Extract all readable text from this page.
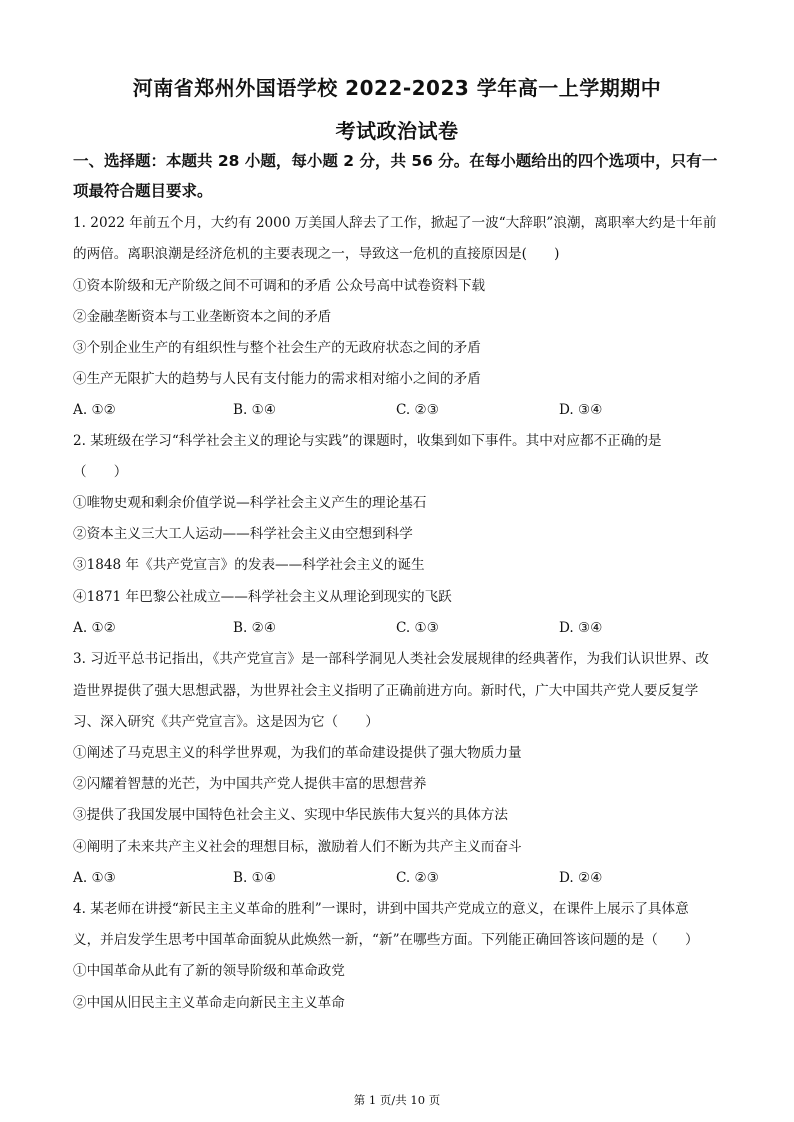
河南省郑州外国语学校 2022-2023 学年高一上学期期中
考试政治试卷
一、选择题：本题共 28 小题，每小题 2 分，共 56 分。在每小题给出的四个选项中，只有一
项最符合题目要求。
1. 2022 年前五个月，大约有 2000 万美国人辞去了工作，掀起了一波“大辞职”浪潮，离职率大约是十年前
的两倍。离职浪潮是经济危机的主要表现之一，导致这一危机的直接原因是(　　)
①资本阶级和无产阶级之间不可调和的矛盾 公众号高中试卷资料下载
②金融垄断资本与工业垄断资本之间的矛盾
③个别企业生产的有组织性与整个社会生产的无政府状态之间的矛盾
④生产无限扩大的趋势与人民有支付能力的需求相对缩小之间的矛盾
A. ①②	B. ①④	C. ②③	D. ③④
2. 某班级在学习“科学社会主义的理论与实践”的课题时，收集到如下事件。其中对应都不正确的是
（　　）
①唯物史观和剩余价值学说—科学社会主义产生的理论基石
②资本主义三大工人运动——科学社会主义由空想到科学
③1848 年《共产党宣言》的发表——科学社会主义的诞生
④1871 年巴黎公社成立——科学社会主义从理论到现实的飞跃
A. ①②	B. ②④	C. ①③	D. ③④
3. 习近平总书记指出，《共产党宣言》是一部科学洞见人类社会发展规律的经典著作，为我们认识世界、改
造世界提供了强大思想武器，为世界社会主义指明了正确前进方向。新时代，广大中国共产党人要反复学
习、深入研究《共产党宣言》。这是因为它（　　）
①阐述了马克思主义的科学世界观，为我们的革命建设提供了强大物质力量
②闪耀着智慧的光芒，为中国共产党人提供丰富的思想营养
③提供了我国发展中国特色社会主义、实现中华民族伟大复兴的具体方法
④阐明了未来共产主义社会的理想目标，激励着人们不断为共产主义而奋斗
A. ①③	B. ①④	C. ②③	D. ②④
4. 某老师在讲授“新民主主义革命的胜利”一课时，讲到中国共产党成立的意义，在课件上展示了具体意
义，并启发学生思考中国革命面貌从此焕然一新，“新”在哪些方面。下列能正确回答该问题的是（　　）
①中国革命从此有了新的领导阶级和革命政党
②中国从旧民主主义革命走向新民主主义革命
第 1 页/共 10 页
